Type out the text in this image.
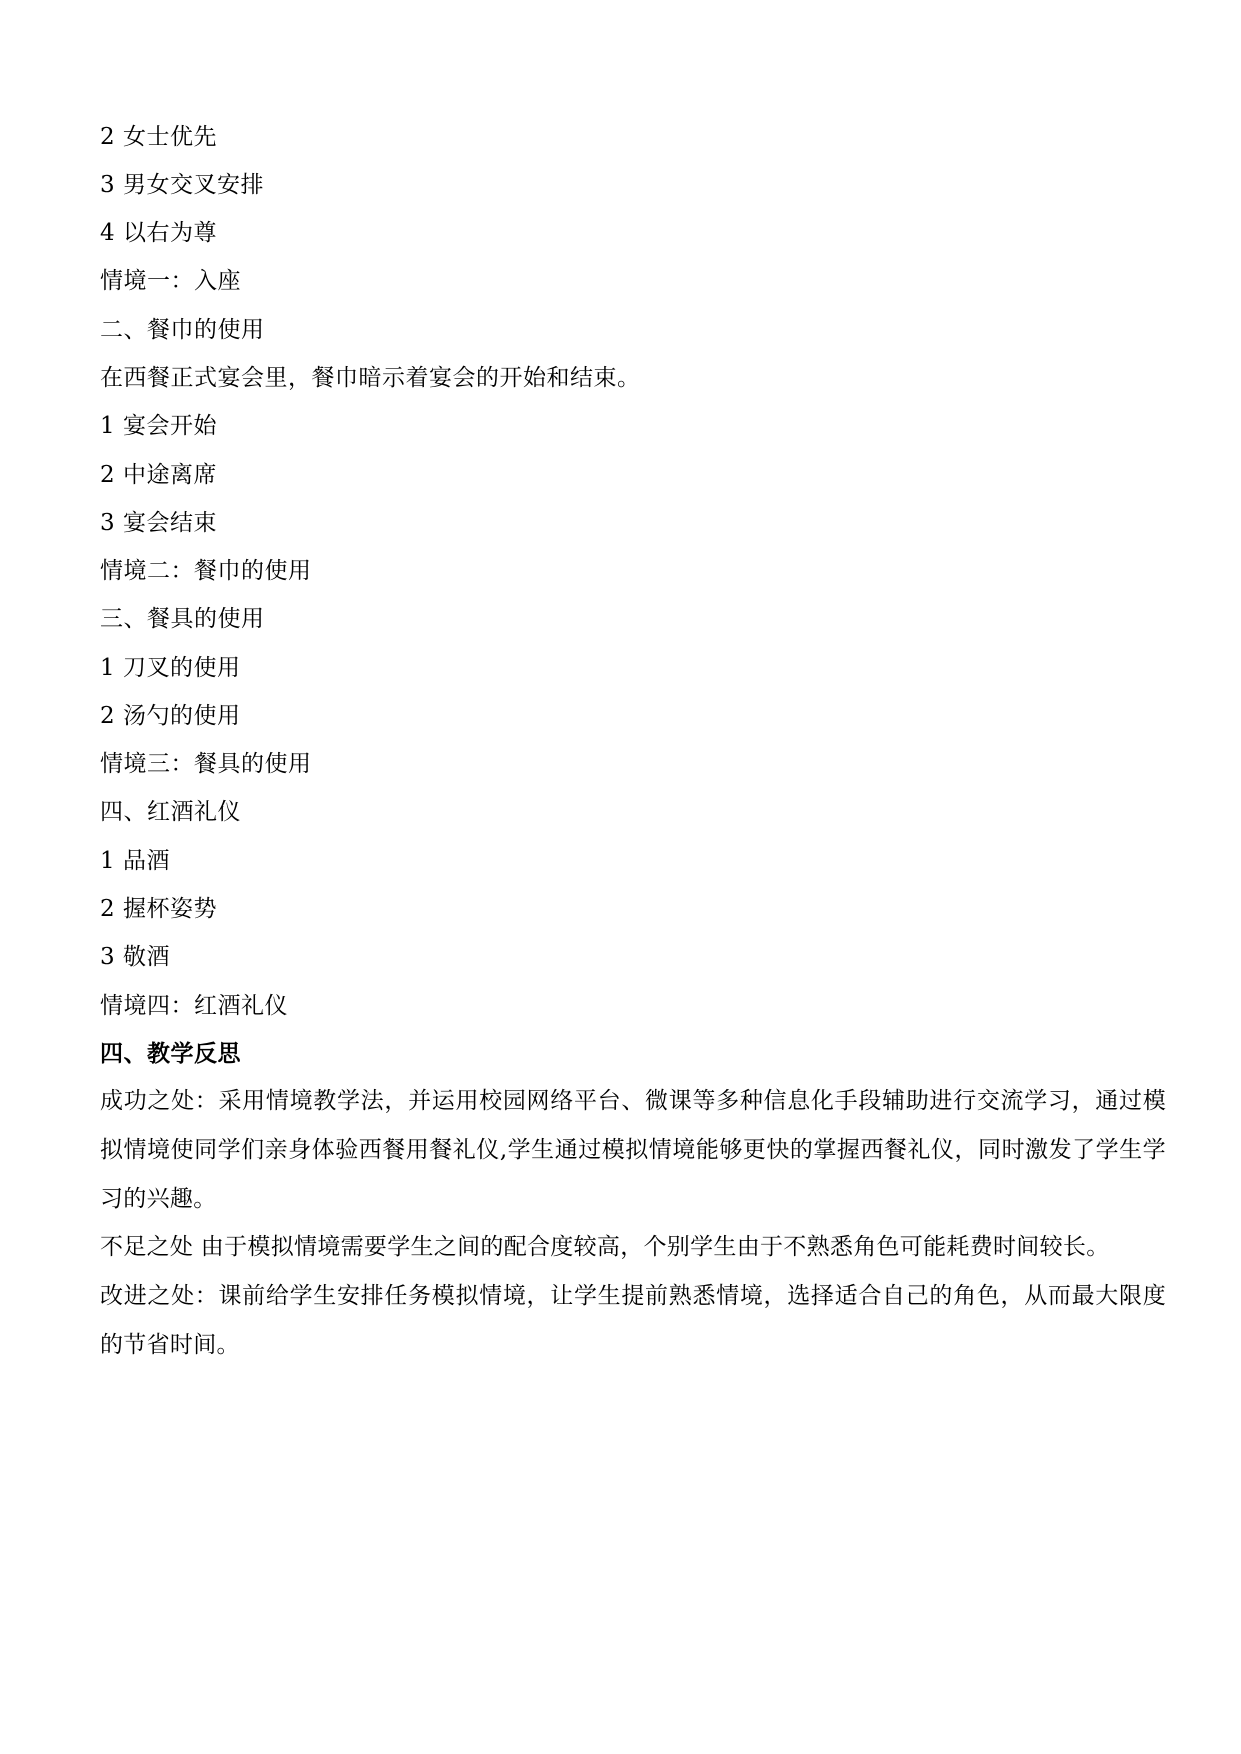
2 女士优先
3 男女交叉安排
4 以右为尊
情境一：入座
二、餐巾的使用
在西餐正式宴会里，餐巾暗示着宴会的开始和结束。
1 宴会开始
2 中途离席
3 宴会结束
情境二：餐巾的使用
三、餐具的使用
1 刀叉的使用
2 汤勺的使用
情境三：餐具的使用
四、红酒礼仪
1 品酒
2 握杯姿势
3 敬酒
情境四：红酒礼仪
四、教学反思
成功之处：采用情境教学法，并运用校园网络平台、微课等多种信息化手段辅助进行交流学习，通过模拟情境使同学们亲身体验西餐用餐礼仪,学生通过模拟情境能够更快的掌握西餐礼仪，同时激发了学生学习的兴趣。
不足之处 由于模拟情境需要学生之间的配合度较高，个别学生由于不熟悉角色可能耗费时间较长。
改进之处：课前给学生安排任务模拟情境，让学生提前熟悉情境，选择适合自己的角色，从而最大限度的节省时间。
